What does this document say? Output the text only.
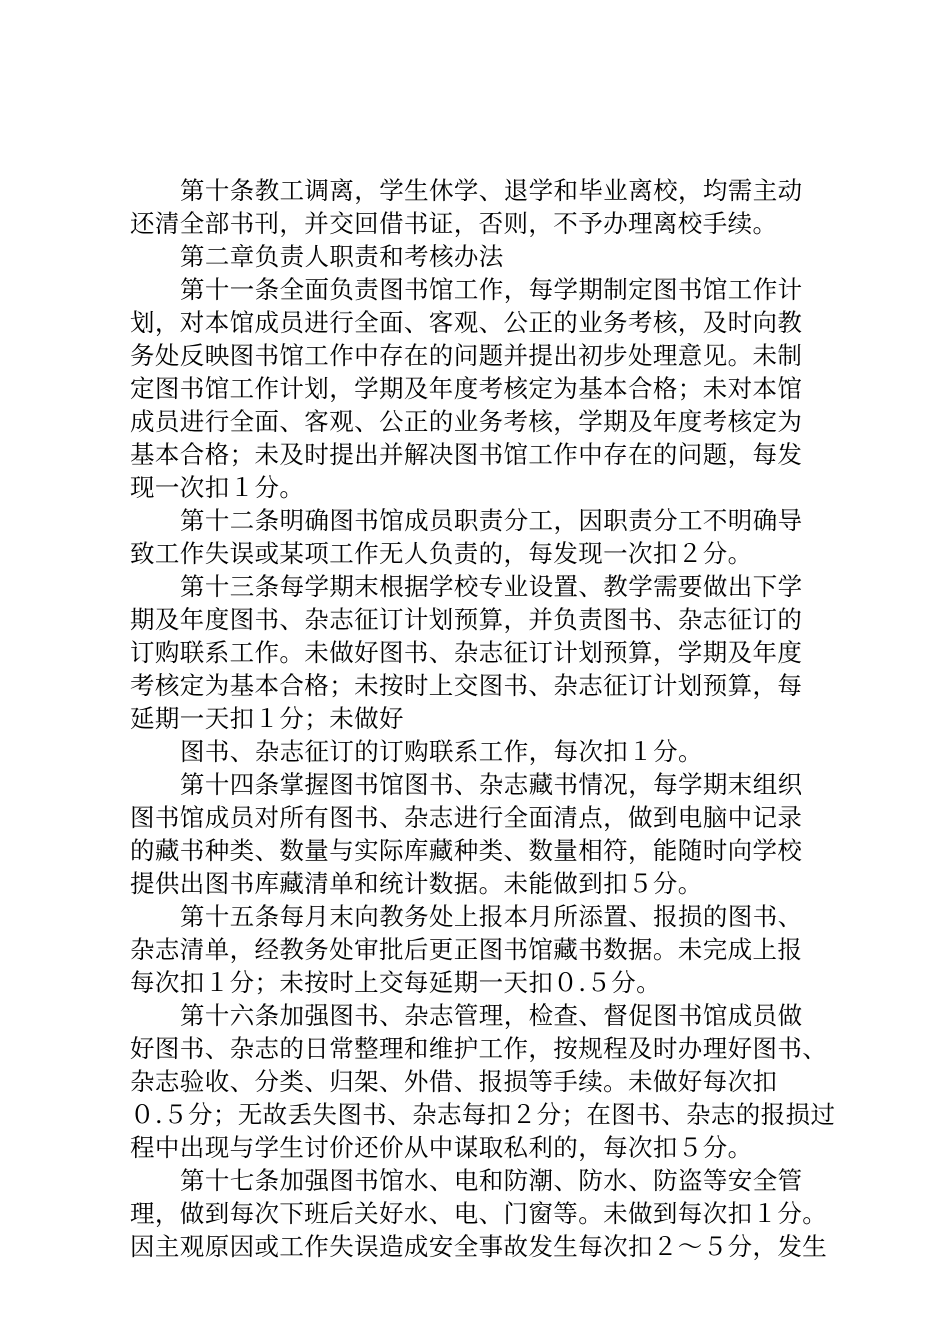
第十条教工调离，学生休学、退学和毕业离校，均需主动
还清全部书刊，并交回借书证，否则，不予办理离校手续。
第二章负责人职责和考核办法
第十一条全面负责图书馆工作，每学期制定图书馆工作计
划，对本馆成员进行全面、客观、公正的业务考核，及时向教
务处反映图书馆工作中存在的问题并提出初步处理意见。未制
定图书馆工作计划，学期及年度考核定为基本合格；未对本馆
成员进行全面、客观、公正的业务考核，学期及年度考核定为
基本合格；未及时提出并解决图书馆工作中存在的问题，每发
现一次扣１分。
第十二条明确图书馆成员职责分工，因职责分工不明确导
致工作失误或某项工作无人负责的，每发现一次扣２分。
第十三条每学期末根据学校专业设置、教学需要做出下学
期及年度图书、杂志征订计划预算，并负责图书、杂志征订的
订购联系工作。未做好图书、杂志征订计划预算，学期及年度
考核定为基本合格；未按时上交图书、杂志征订计划预算，每
延期一天扣１分；未做好
图书、杂志征订的订购联系工作，每次扣１分。
第十四条掌握图书馆图书、杂志藏书情况，每学期末组织
图书馆成员对所有图书、杂志进行全面清点，做到电脑中记录
的藏书种类、数量与实际库藏种类、数量相符，能随时向学校
提供出图书库藏清单和统计数据。未能做到扣５分。
第十五条每月末向教务处上报本月所添置、报损的图书、
杂志清单，经教务处审批后更正图书馆藏书数据。未完成上报
每次扣１分；未按时上交每延期一天扣０.５分。
第十六条加强图书、杂志管理，检查、督促图书馆成员做
好图书、杂志的日常整理和维护工作，按规程及时办理好图书、
杂志验收、分类、归架、外借、报损等手续。未做好每次扣
０.５分；无故丢失图书、杂志每扣２分；在图书、杂志的报损过
程中出现与学生讨价还价从中谋取私利的，每次扣５分。
第十七条加强图书馆水、电和防潮、防水、防盗等安全管
理，做到每次下班后关好水、电、门窗等。未做到每次扣１分。
因主观原因或工作失误造成安全事故发生每次扣２～５分，发生
